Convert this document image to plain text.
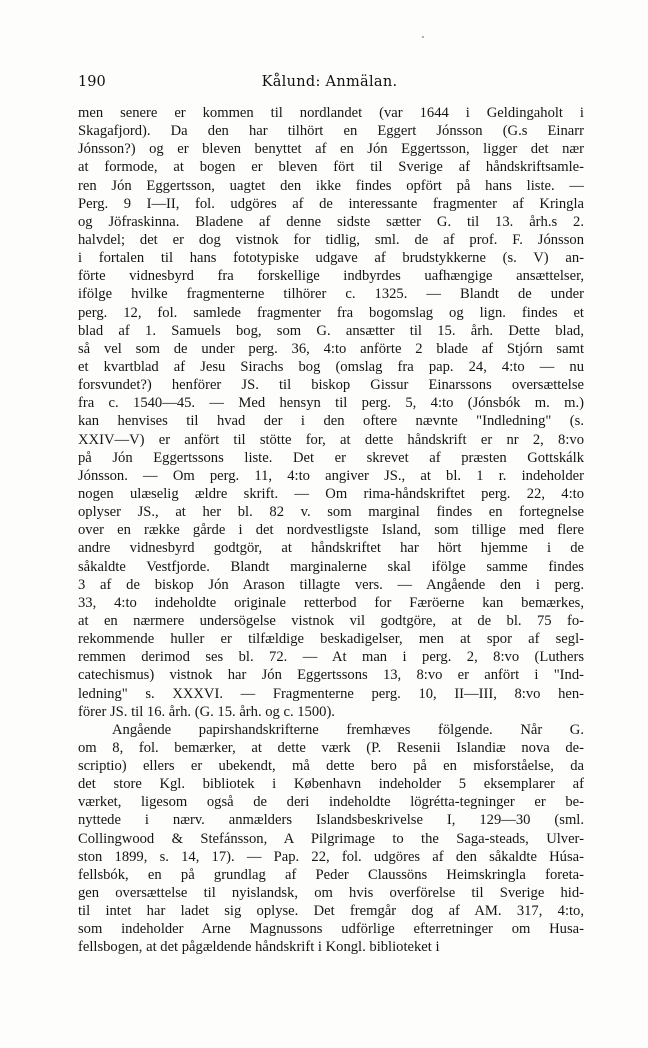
190	Kålund: Anmälan.
men senere er kommen til nordlandet (var 1644 i Geldingaholt i
Skagafjord). Da den har tilhört en Eggert Jónsson (G.s Einarr
Jónsson?) og er bleven benyttet af en Jón Eggertsson, ligger det nær
at formode, at bogen er bleven fört til Sverige af håndskriftsamle-
ren Jón Eggertsson, uagtet den ikke findes opfört på hans liste. —
Perg. 9 I—II, fol. udgöres af de interessante fragmenter af Kringla
og Jöfraskinna. Bladene af denne sidste sætter G. til 13. årh.s 2.
halvdel; det er dog vistnok for tidlig, sml. de af prof. F. Jónsson
i fortalen til hans fototypiske udgave af brudstykkerne (s. V) an-
förte vidnesbyrd fra forskellige indbyrdes uafhængige ansættelser,
ifölge hvilke fragmenterne tilhörer c. 1325. — Blandt de under
perg. 12, fol. samlede fragmenter fra bogomslag og lign. findes et
blad af 1. Samuels bog, som G. ansætter til 15. årh. Dette blad,
så vel som de under perg. 36, 4:to anförte 2 blade af Stjórn samt
et kvartblad af Jesu Sirachs bog (omslag fra pap. 24, 4:to — nu
forsvundet?) henförer JS. til biskop Gissur Einarssons oversættelse
fra c. 1540—45. — Med hensyn til perg. 5, 4:to (Jónsbók m. m.)
kan henvises til hvad der i den oftere nævnte "Indledning" (s.
XXIV—V) er anfört til stötte for, at dette håndskrift er nr 2, 8:vo
på Jón Eggertssons liste. Det er skrevet af præsten Gottskálk
Jónsson. — Om perg. 11, 4:to angiver JS., at bl. 1 r. indeholder
nogen ulæselig ældre skrift. — Om rima-håndskriftet perg. 22, 4:to
oplyser JS., at her bl. 82 v. som marginal findes en fortegnelse
over en række gårde i det nordvestligste Island, som tillige med flere
andre vidnesbyrd godtgör, at håndskriftet har hört hjemme i de
såkaldte Vestfjorde. Blandt marginalerne skal ifölge samme findes
3 af de biskop Jón Arason tillagte vers. — Angående den i perg.
33, 4:to indeholdte originale retterbod for Færöerne kan bemærkes,
at en nærmere undersögelse vistnok vil godtgöre, at de bl. 75 fo-
rekommende huller er tilfældige beskadigelser, men at spor af segl-
remmen derimod ses bl. 72. — At man i perg. 2, 8:vo (Luthers
catechismus) vistnok har Jón Eggertssons 13, 8:vo er anfört i "Ind-
ledning" s. XXXVI. — Fragmenterne perg. 10, II—III, 8:vo hen-
förer JS. til 16. årh. (G. 15. årh. og c. 1500).
Angående papirshandskrifterne fremhæves fölgende. Når G.
om 8, fol. bemærker, at dette værk (P. Resenii Islandiæ nova de-
scriptio) ellers er ubekendt, må dette bero på en misforståelse, da
det store Kgl. bibliotek i København indeholder 5 eksemplarer af
værket, ligesom også de deri indeholdte lögrétta-tegninger er be-
nyttede i nærv. anmælders Islandsbeskrivelse I, 129—30 (sml.
Collingwood & Stefánsson, A Pilgrimage to the Saga-steads, Ulver-
ston 1899, s. 14, 17). — Pap. 22, fol. udgöres af den såkaldte Húsa-
fellsbók, en på grundlag af Peder Claussöns Heimskringla foreta-
gen oversættelse til nyislandsk, om hvis overförelse til Sverige hid-
til intet har ladet sig oplyse. Det fremgår dog af AM. 317, 4:to,
som indeholder Arne Magnussons udförlige efterretninger om Husa-
fellsbogen, at det pågældende håndskrift i Kongl. biblioteket i
